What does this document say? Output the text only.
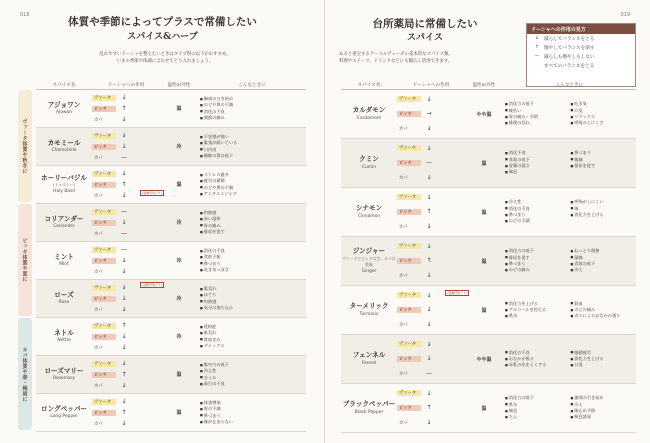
018
体質や季節によってプラスで常備したい
スパイス&ハーブ
乱れやすいドーシャを整えたいときはタイプ別の以下がおすすめ。
いまの季節や体調に合わせてとり入れましょう。
スパイス名	ドーシャへの作用	温性or冷性	こんなときに
アジョワン
Ajowan
ヴァータ	↓
ピッタ	↑
カパ	↓
温
■ 胸部のひき始め
■ のどや鼻の不調
■ 消化の不良
■ 関節の痛み
カモミール
Chamomile
ヴァータ	↓
ピッタ	↓
カパ	—
冷
■ 不安感が強い
■ 緊張が続いている
■ 口内炎
■ 睡眠の質の低下
ホーリーバジル
[トゥルシー]
Holy Basil
ヴァータ	↓
ピッタ	↑
カパ	↓	(過剰摂取で↑)
温
■ ストレス過多
■ 疲労の蓄積
■ のどや鼻の不調
■ アンチエイジング
コリアンダー
Coriander
ヴァータ	—
ピッタ	↓
カパ	—
冷
■ 灼熱感
■ 赤い湿疹
■ 胃の痛み
■ 排尿を促す
ミント
Mint
ヴァータ	—
ピッタ	↓
カパ	↓
冷
■ 消化の不良
■ 食欲不振
■ 鼻づまり
■ 吐き気っぽさ
ローズ
Rose
ヴァータ	↓	(過剰摂取で↑)
ピッタ	↓
カパ	↓
冷
■ 肌荒れ
■ ほてり
■ 灼熱感
■ 気分の落ち込み
ネトル
Nettle
ヴァータ	↑
ピッタ	↓
カパ	↓
冷
■ 花粉症
■ 肌荒れ
■ 貧血ぎみ
■ デトックス
ローズマリー
Rosemary
ヴァータ	↓
ピッタ	↑
カパ	↓
温
■ 集中力の低下
■ 冷え性
■ むくみ
■ 血行の不良
ロングペッパー
Long Pepper
ヴァータ	↓
ピッタ	↑
カパ	↓
温
■ 体重増加
■ 胃の不調
■ 鼻づまり
■ 咳が止まらない
ヴァータ体質や秋冬に
ピッタ体質や夏に
カパ体質や春・梅雨に
019
台所薬局に常備したい
スパイス
あると重宝するアーユルヴェーダの基本的なスパイス類。
料理やスイーツ、ドリンクなどにも幅広く活用できます。
ドーシャへの作用の見方
↓	減らしてバランスをとる
↑	増やしてバランスを崩す
—	減らしも増やしもしない
すべてのバランスをとる
スパイス名	ドーシャへの作用	温性or冷性	こんなときに
カルダモン
Cardamom
ヴァータ	↓
ピッタ	→
カパ	↓
やや温
■ 消化力の低下	■ 吐き気
■ 咳払い	■ 口臭
■ 胃の痛み・予防	■ リラックス
■ 排便の乱れ	■ 呼吸のしにくさ
クミン
Cumin
ヴァータ	↓
ピッタ	—
カパ	↓
温
■ 消化不良	■ 鼻づまり
■ 食欲の低下	■ 腹痛
■ 胃腸の弱さ	■ 排尿を促す
■ 喘息
シナモン
Cinnamon
ヴァータ	↓
ピッタ	↑
カパ	↓
温
■ 冷え性	■ 呼吸がしにくい
■ 消化の不良	■ 咳
■ 鼻づまり	■ 消化力を上げる
■ のどの不調
ジンジャー
ヴァータとピッタは生、カパは乾燥
Ginger
ヴァータ	↓
ピッタ	↑
カパ	↓
温
■ 消化力の低下	■ ねっとり便秘
■ 排尿を促す	■ 頭痛
■ 鼻づまり	■ 食欲の低下
■ のどの痛み	■ 冷え
ターメリック
Turmeric
ヴァータ	↓	(過剰摂取で↑)
ピッタ	↓
カパ	↓
温
■ 消化力を上げる	■ 貧血
■ アルコールを控える	■ のどの痛み
■ 鼻水	■ ガスによるおなかの張り
フェンネル
Fennel
ヴァータ	↓
ピッタ	↓
カパ	—
やや温
■ 消化の不良	■ 眼精疲労
■ おなかが張る	■ 消化力を上げる
■ 母乳の出をよくする	■ 口臭
ブラックペッパー
Black Pepper
ヴァータ	↓
ピッタ	↑
カパ	↓
温
■ 消化力の低下	■ 風邪の引き始め
■ 鼻水	■ 冷え
■ 喘息	■ 咳止め予防
■ たん	■ 喘息誘発
